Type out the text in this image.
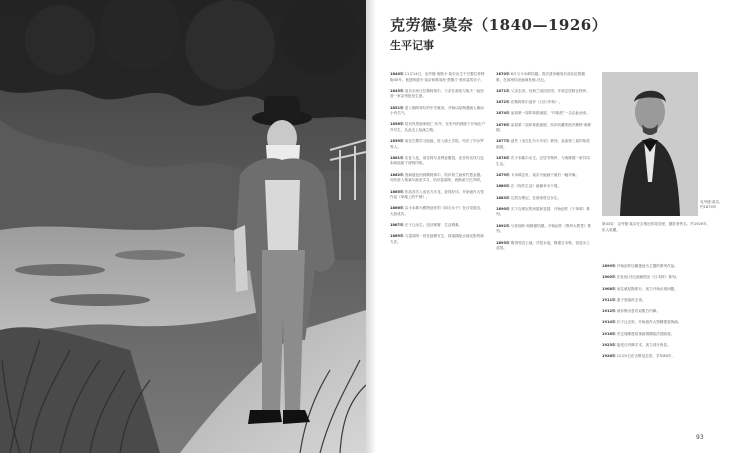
克劳德·莫奈（1840—1926）
生平记事

1840年 11月14日，克劳德·奥斯卡·莫奈出生于巴黎拉菲特街45号。他是阿道夫·莫奈和路易丝·贾斯汀·奥布雷的次子。

1845年 莫奈全家迁往勒阿弗尔，父亲在那里与姐夫一起经营一家杂货批发生意。

1851年 进入勒阿弗尔的中学就读，开始以绘制漫画人像而小有名气。

1856年 结识风景画家欧仁·布丹，在布丹的鼓励下开始在户外写生，从此走上绘画之路。

1859年 前往巴黎学习绘画，进入瑞士学院，结识了毕沙罗等人。

1861年 应征入伍，前往阿尔及利亚服役，北非的光线与色彩给他留下深刻印象。

1862年 因病退伍回到勒阿弗尔，结识荷兰画家约恩金德。同年进入格莱尔画室学习，结识雷诺阿、西斯莱与巴齐耶。

1865年 作品首次入选官方沙龙，获得好评。开始创作大型作品《草地上的午餐》。

1866年 以卡米耶为模特创作的《绿衣女子》在沙龙展出，大获成功。

1867年 长子让出生。经济困窘，生活艰难。

1869年 与雷诺阿一同在蛙塘写生，探索描绘水面光影的新方法。

1870年 6月与卡米耶结婚。普法战争爆发后前往伦敦避难，在那里结识画商杜朗-吕厄。

1871年 父亲去世。经荷兰返回法国，年底定居阿让特伊。

1872年 在勒阿弗尔创作《日出·印象》。

1874年 参加第一届印象派画展，“印象派”一名由此而来。

1876年 参加第二届印象派画展，结识收藏家欧内斯特·奥修德。

1877年 创作《圣拉扎尔火车站》系列，参加第三届印象派画展。

1878年 次子米歇尔出生。迁居韦特伊，与奥修德一家共同生活。

1879年 卡米耶去世，莫奈为她画下最后一幅肖像。

1880年 在《现代生活》画廊举办个展。

1883年 迁居吉维尼，在那里度过余生。

1890年 买下吉维尼的房屋和花园，开始创作《干草堆》系列。

1892年 与爱丽丝·奥修德结婚。开始创作《鲁昂大教堂》系列。

1893年 购得邻近土地，开挖水池，修建日本桥，营造水上花园。

克劳德·莫奈，约1874年

第43页：克劳德·莫奈在吉维尼的花园里，摄影者佚名，约1920年，私人收藏。

1899年 开始创作以睡莲池为主题的系列作品。

1900年 在杜朗-吕厄画廊展出《日本桥》系列。

1908年 前往威尼斯旅行，视力开始出现问题。

1911年 妻子爱丽丝去世。

1912年 被诊断出患有双眼白内障。

1914年 长子让去世。开始创作大型睡莲装饰画。

1918年 决定将睡莲装饰画捐赠给法国政府。

1923年 接受白内障手术，视力部分恢复。

1926年 12月5日在吉维尼去世，享年86岁。

93
